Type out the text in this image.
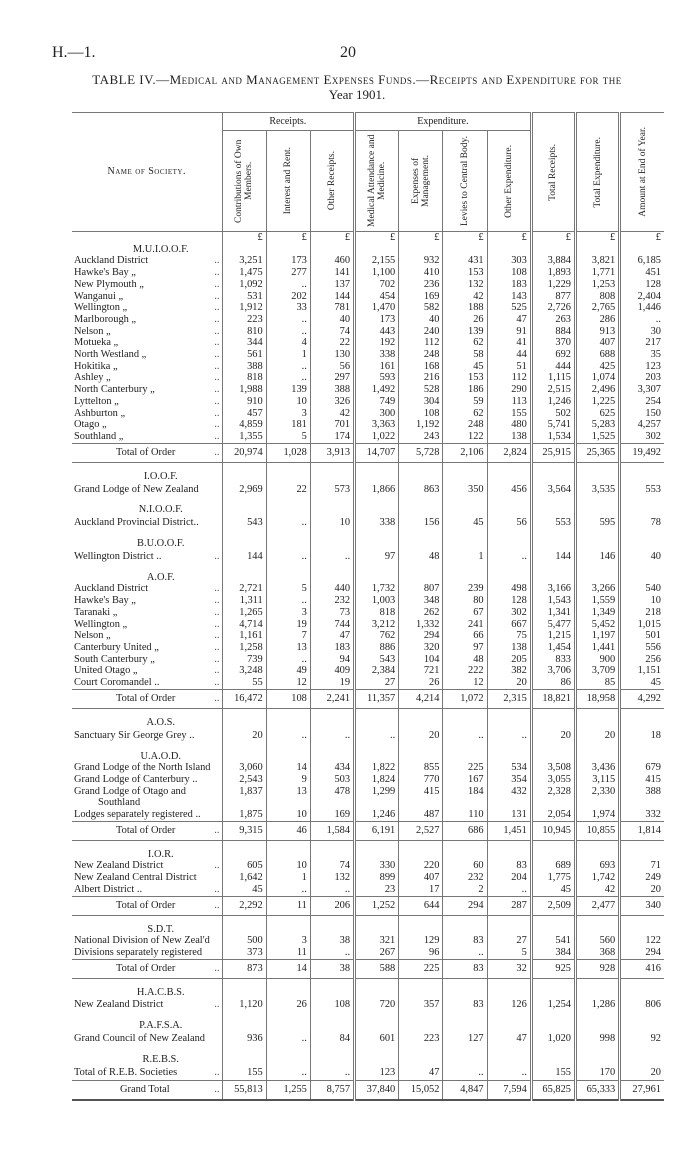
H.—1.	20
TABLE IV.—Medical and Management Expenses Funds.—Receipts and Expenditure for the
Year 1901.
Name of Society.	Receipts.			Expenditure.				Total Receipts.	Total Expenditure.	Amount at End of Year.

	Contributions of Own Members.	Interest and Rent.	Other Receipts.	Medical Attendance and Medicine.	Expenses of Management.	Levies to Central Body.	Other Expenditure.			

	£	£	£	£	£	£	£	£	£	£
M.U.I.O.O.F.										
Auckland District ..	3,251	173	460	2,155	932	431	303	3,884	3,821	6,185
Hawke's Bay „ ..	1,475	277	141	1,100	410	153	108	1,893	1,771	451
New Plymouth „ ..	1,092	..	137	702	236	132	183	1,229	1,253	128
Wanganui „ ..	531	202	144	454	169	42	143	877	808	2,404
Wellington „ ..	1,912	33	781	1,470	582	188	525	2,726	2,765	1,446
Marlborough „ ..	223	..	40	173	40	26	47	263	286	..
Nelson „ ..	810	..	74	443	240	139	91	884	913	30
Motueka „ ..	344	4	22	192	112	62	41	370	407	217
North Westland „ ..	561	1	130	338	248	58	44	692	688	35
Hokitika „ ..	388	..	56	161	168	45	51	444	425	123
Ashley „ ..	818	..	297	593	216	153	112	1,115	1,074	203
North Canterbury „ ..	1,988	139	388	1,492	528	186	290	2,515	2,496	3,307
Lyttelton „ ..	910	10	326	749	304	59	113	1,246	1,225	254
Ashburton „ ..	457	3	42	300	108	62	155	502	625	150
Otago „ ..	4,859	181	701	3,363	1,192	248	480	5,741	5,283	4,257
Southland „ ..	1,355	5	174	1,022	243	122	138	1,534	1,525	302
Total of Order ..	20,974	1,028	3,913	14,707	5,728	2,106	2,824	25,915	25,365	19,492

I.O.O.F.										
Grand Lodge of New Zealand	2,969	22	573	1,866	863	350	456	3,564	3,535	553

N.I.O.O.F.										
Auckland Provincial District..	543	..	10	338	156	45	56	553	595	78

B.U.O.O.F.										
Wellington District .. ..	144	..	..	97	48	1	..	144	146	40

A.O.F.										
Auckland District ..	2,721	5	440	1,732	807	239	498	3,166	3,266	540
Hawke's Bay „ ..	1,311	..	232	1,003	348	80	128	1,543	1,559	10
Taranaki „ ..	1,265	3	73	818	262	67	302	1,341	1,349	218
Wellington „ ..	4,714	19	744	3,212	1,332	241	667	5,477	5,452	1,015
Nelson „ ..	1,161	7	47	762	294	66	75	1,215	1,197	501
Canterbury United „ ..	1,258	13	183	886	320	97	138	1,454	1,441	556
South Canterbury „ ..	739	..	94	543	104	48	205	833	900	256
United Otago „ ..	3,248	49	409	2,384	721	222	382	3,706	3,709	1,151
Court Coromandel .. ..	55	12	19	27	26	12	20	86	85	45
Total of Order ..	16,472	108	2,241	11,357	4,214	1,072	2,315	18,821	18,958	4,292

A.O.S.										
Sanctuary Sir George Grey ..	20	..	..	..	20	..	..	20	20	18

U.A.O.D.										
Grand Lodge of the North Island	3,060	14	434	1,822	855	225	534	3,508	3,436	679
Grand Lodge of Canterbury ..	2,543	9	503	1,824	770	167	354	3,055	3,115	415
Grand Lodge of Otago and	1,837	13	478	1,299	415	184	432	2,328	2,330	388
Southland										
Lodges separately registered ..	1,875	10	169	1,246	487	110	131	2,054	1,974	332
Total of Order ..	9,315	46	1,584	6,191	2,527	686	1,451	10,945	10,855	1,814

I.O.R.										
New Zealand District ..	605	10	74	330	220	60	83	689	693	71
New Zealand Central District	1,642	1	132	899	407	232	204	1,775	1,742	249
Albert District .. ..	45	..	..	23	17	2	..	45	42	20
Total of Order ..	2,292	11	206	1,252	644	294	287	2,509	2,477	340

S.D.T.										
National Division of New Zeal'd	500	3	38	321	129	83	27	541	560	122
Divisions separately registered	373	11	..	267	96	..	5	384	368	294
Total of Order ..	873	14	38	588	225	83	32	925	928	416

H.A.C.B.S.										
New Zealand District ..	1,120	26	108	720	357	83	126	1,254	1,286	806

P.A.F.S.A.										
Grand Council of New Zealand	936	..	84	601	223	127	47	1,020	998	92

R.E.B.S.										
Total of R.E.B. Societies ..	155	..	..	123	47	..	..	155	170	20
Grand Total ..	55,813	1,255	8,757	37,840	15,052	4,847	7,594	65,825	65,333	27,961
